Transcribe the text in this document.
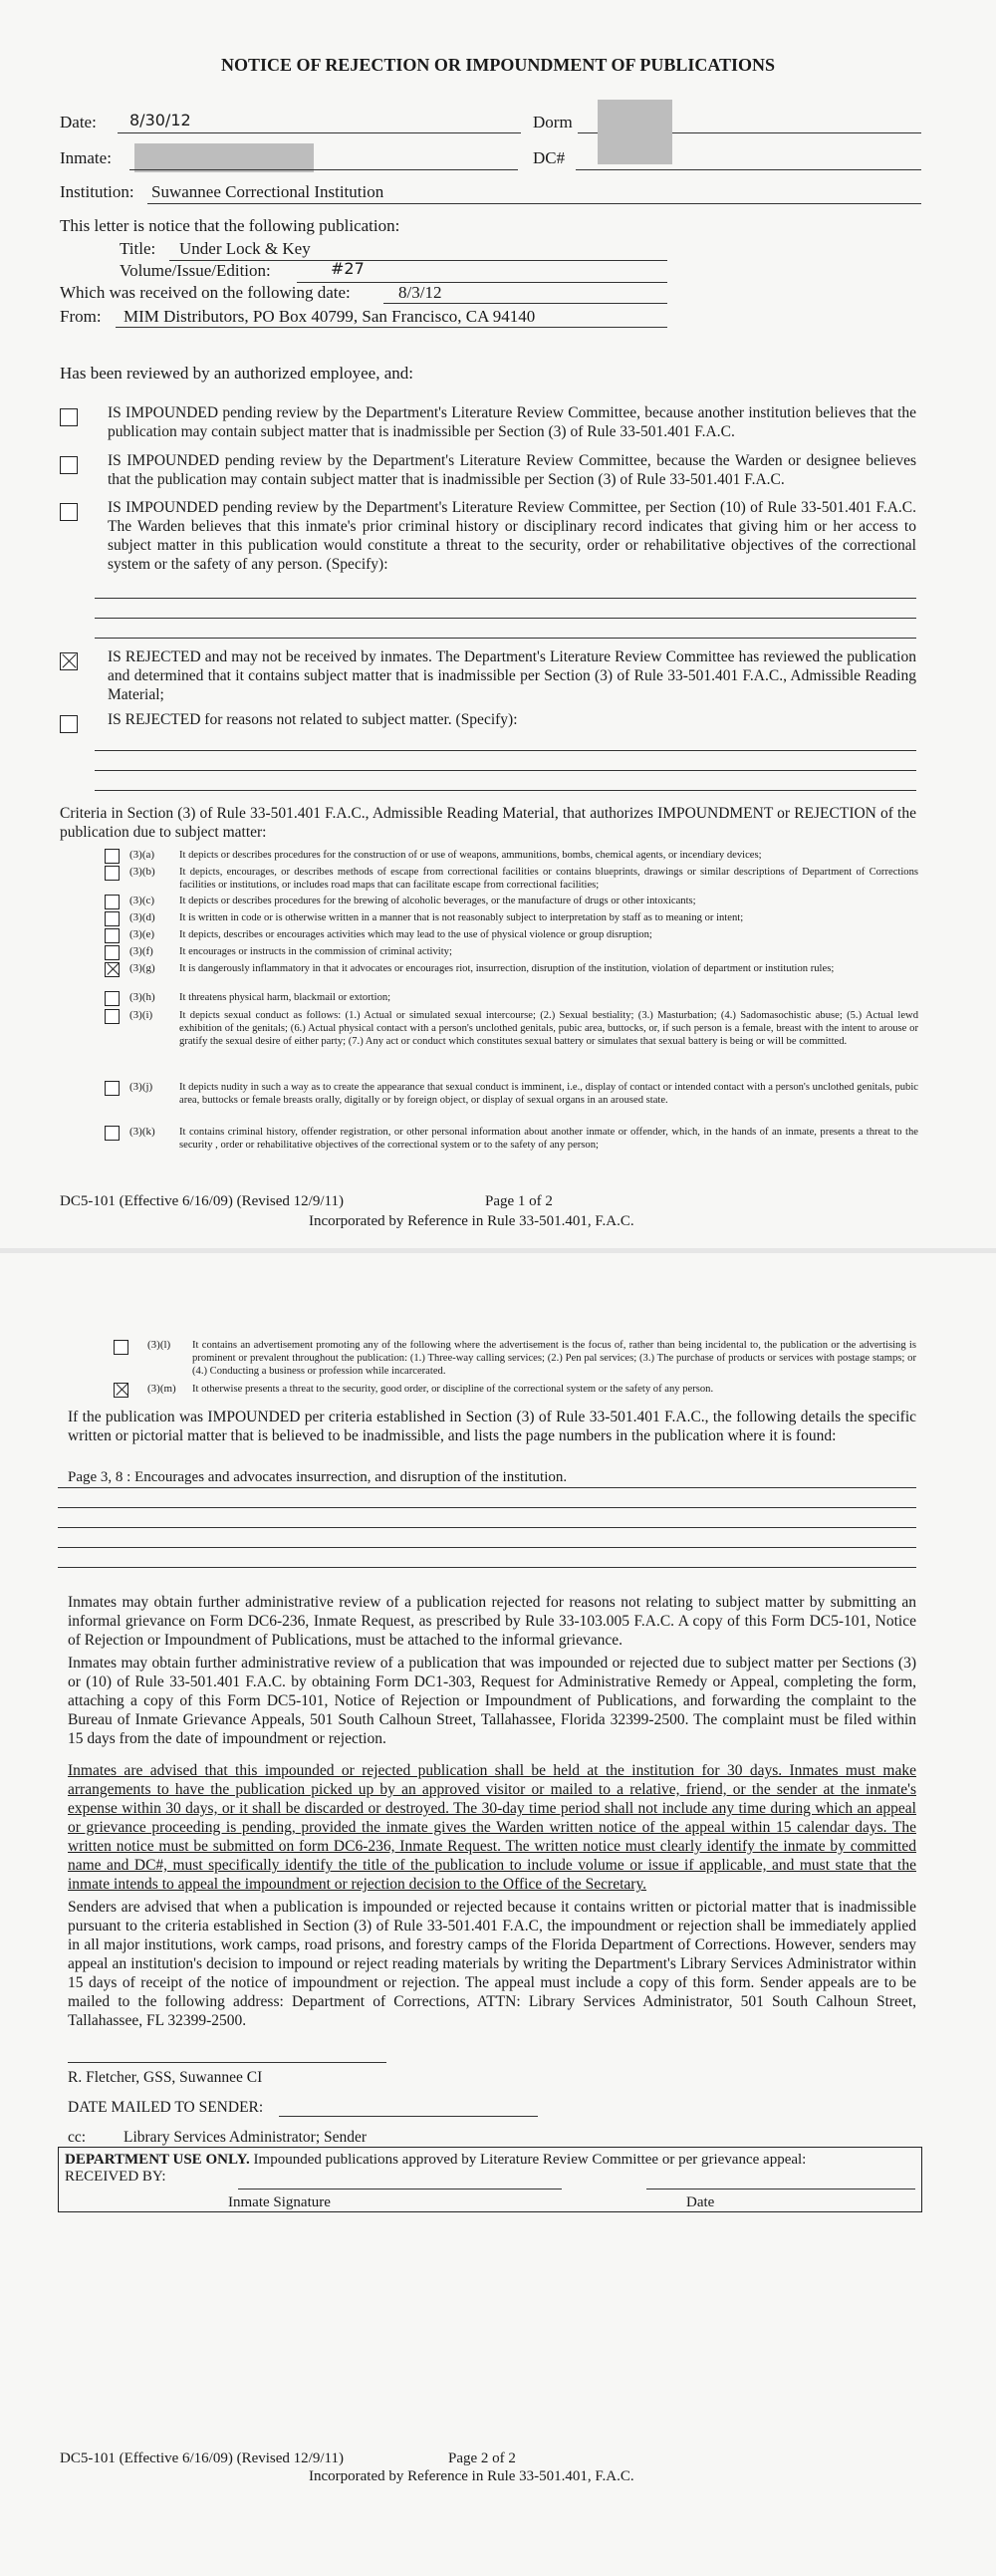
NOTICE OF REJECTION OR IMPOUNDMENT OF PUBLICATIONS
Date: 8/30/12	Dorm
Inmate:	DC#
Institution: Suwannee Correctional Institution
This letter is notice that the following publication:
Title: Under Lock & Key
Volume/Issue/Edition:	#27
Which was received on the following date:	8/3/12
From: MIM Distributors, PO Box 40799, San Francisco, CA 94140
Has been reviewed by an authorized employee, and:
IS IMPOUNDED pending review by the Department's Literature Review Committee, because another institution believes that the publication may contain subject matter that is inadmissible per Section (3) of Rule 33-501.401 F.A.C.
IS IMPOUNDED pending review by the Department's Literature Review Committee, because the Warden or designee believes that the publication may contain subject matter that is inadmissible per Section (3) of Rule 33-501.401 F.A.C.
IS IMPOUNDED pending review by the Department's Literature Review Committee, per Section (10) of Rule 33-501.401 F.A.C. The Warden believes that this inmate's prior criminal history or disciplinary record indicates that giving him or her access to subject matter in this publication would constitute a threat to the security, order or rehabilitative objectives of the correctional system or the safety of any person. (Specify):
IS REJECTED and may not be received by inmates. The Department's Literature Review Committee has reviewed the publication and determined that it contains subject matter that is inadmissible per Section (3) of Rule 33-501.401 F.A.C., Admissible Reading Material;
IS REJECTED for reasons not related to subject matter. (Specify):
Criteria in Section (3) of Rule 33-501.401 F.A.C., Admissible Reading Material, that authorizes IMPOUNDMENT or REJECTION of the publication due to subject matter:
(3)(a) It depicts or describes procedures for the construction of or use of weapons, ammunitions, bombs, chemical agents, or incendiary devices;
(3)(b) It depicts, encourages, or describes methods of escape from correctional facilities or contains blueprints, drawings or similar descriptions of Department of Corrections facilities or institutions, or includes road maps that can facilitate escape from correctional facilities;
(3)(c) It depicts or describes procedures for the brewing of alcoholic beverages, or the manufacture of drugs or other intoxicants;
(3)(d) It is written in code or is otherwise written in a manner that is not reasonably subject to interpretation by staff as to meaning or intent;
(3)(e) It depicts, describes or encourages activities which may lead to the use of physical violence or group disruption;
(3)(f) It encourages or instructs in the commission of criminal activity;
(3)(g) It is dangerously inflammatory in that it advocates or encourages riot, insurrection, disruption of the institution, violation of department or institution rules;
(3)(h) It threatens physical harm, blackmail or extortion;
(3)(i)	It depicts sexual conduct as follows: (1.) Actual or simulated sexual intercourse; (2.) Sexual bestiality; (3.) Masturbation; (4.) Sadomasochistic abuse; (5.) Actual lewd exhibition of the genitals; (6.) Actual physical contact with a person's unclothed genitals, pubic area, buttocks, or, if such person is a female, breast with the intent to arouse or gratify the sexual desire of either party; (7.) Any act or conduct which constitutes sexual battery or simulates that sexual battery is being or will be committed.
(3)(j)	It depicts nudity in such a way as to create the appearance that sexual conduct is imminent, i.e., display of contact or intended contact with a person's unclothed genitals, pubic area, buttocks or female breasts orally, digitally or by foreign object, or display of sexual organs in an aroused state.
(3)(k) It contains criminal history, offender registration, or other personal information about another inmate or offender, which, in the hands of an inmate, presents a threat to the security , order or rehabilitative objectives of the correctional system or to the safety of any person;
DC5-101 (Effective 6/16/09) (Revised 12/9/11)	Page 1 of 2
Incorporated by Reference in Rule 33-501.401, F.A.C.
(3)(l) It contains an advertisement promoting any of the following where the advertisement is the focus of, rather than being incidental to, the publication or the advertising is prominent or prevalent throughout the publication: (1.) Three-way calling services; (2.) Pen pal services; (3.) The purchase of products or services with postage stamps; or (4.) Conducting a business or profession while incarcerated.
(3)(m) It otherwise presents a threat to the security, good order, or discipline of the correctional system or the safety of any person.
If the publication was IMPOUNDED per criteria established in Section (3) of Rule 33-501.401 F.A.C., the following details the specific written or pictorial matter that is believed to be inadmissible, and lists the page numbers in the publication where it is found:
Page 3, 8 : Encourages and advocates insurrection, and disruption of the institution.
Inmates may obtain further administrative review of a publication rejected for reasons not relating to subject matter by submitting an informal grievance on Form DC6-236, Inmate Request, as prescribed by Rule 33-103.005 F.A.C. A copy of this Form DC5-101, Notice of Rejection or Impoundment of Publications, must be attached to the informal grievance.
Inmates may obtain further administrative review of a publication that was impounded or rejected due to subject matter per Sections (3) or (10) of Rule 33-501.401 F.A.C. by obtaining Form DC1-303, Request for Administrative Remedy or Appeal, completing the form, attaching a copy of this Form DC5-101, Notice of Rejection or Impoundment of Publications, and forwarding the complaint to the Bureau of Inmate Grievance Appeals, 501 South Calhoun Street, Tallahassee, Florida 32399-2500. The complaint must be filed within 15 days from the date of impoundment or rejection.
Inmates are advised that this impounded or rejected publication shall be held at the institution for 30 days. Inmates must make arrangements to have the publication picked up by an approved visitor or mailed to a relative, friend, or the sender at the inmate's expense within 30 days, or it shall be discarded or destroyed. The 30-day time period shall not include any time during which an appeal or grievance proceeding is pending, provided the inmate gives the Warden written notice of the appeal within 15 calendar days. The written notice must be submitted on form DC6-236, Inmate Request. The written notice must clearly identify the inmate by committed name and DC#, must specifically identify the title of the publication to include volume or issue if applicable, and must state that the inmate intends to appeal the impoundment or rejection decision to the Office of the Secretary.
Senders are advised that when a publication is impounded or rejected because it contains written or pictorial matter that is inadmissible pursuant to the criteria established in Section (3) of Rule 33-501.401 F.A.C, the impoundment or rejection shall be immediately applied in all major institutions, work camps, road prisons, and forestry camps of the Florida Department of Corrections. However, senders may appeal an institution's decision to impound or reject reading materials by writing the Department's Library Services Administrator within 15 days of receipt of the notice of impoundment or rejection. The appeal must include a copy of this form. Sender appeals are to be mailed to the following address: Department of Corrections, ATTN: Library Services Administrator, 501 South Calhoun Street, Tallahassee, FL 32399-2500.
R. Fletcher, GSS, Suwannee CI
DATE MAILED TO SENDER:
cc: Library Services Administrator; Sender
DEPARTMENT USE ONLY. Impounded publications approved by Literature Review Committee or per grievance appeal:
RECEIVED BY:
Inmate Signature	Date
DC5-101 (Effective 6/16/09) (Revised 12/9/11)	Page 2 of 2
Incorporated by Reference in Rule 33-501.401, F.A.C.
